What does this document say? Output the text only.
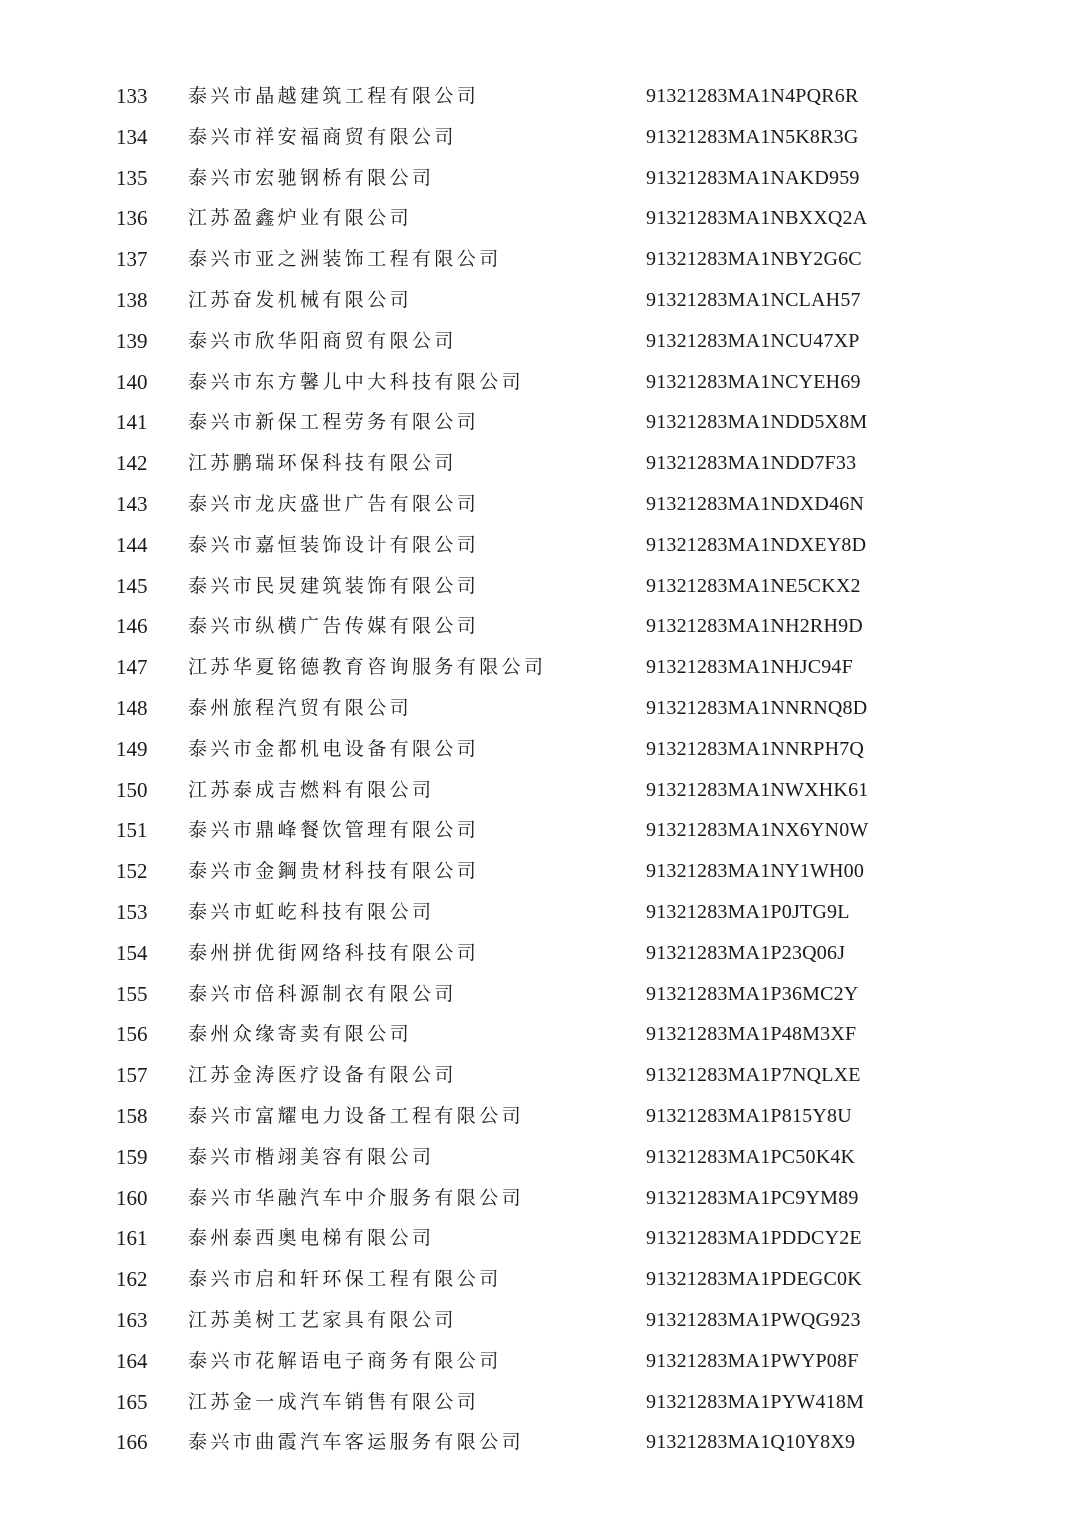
133	泰兴市晶越建筑工程有限公司	91321283MA1N4PQR6R
134	泰兴市祥安福商贸有限公司	91321283MA1N5K8R3G
135	泰兴市宏驰钢桥有限公司	91321283MA1NAKD959
136	江苏盈鑫炉业有限公司	91321283MA1NBXXQ2A
137	泰兴市亚之洲装饰工程有限公司	91321283MA1NBY2G6C
138	江苏奋发机械有限公司	91321283MA1NCLAH57
139	泰兴市欣华阳商贸有限公司	91321283MA1NCU47XP
140	泰兴市东方馨儿中大科技有限公司	91321283MA1NCYEH69
141	泰兴市新保工程劳务有限公司	91321283MA1NDD5X8M
142	江苏鹏瑞环保科技有限公司	91321283MA1NDD7F33
143	泰兴市龙庆盛世广告有限公司	91321283MA1NDXD46N
144	泰兴市嘉恒装饰设计有限公司	91321283MA1NDXEY8D
145	泰兴市民炅建筑装饰有限公司	91321283MA1NE5CKX2
146	泰兴市纵横广告传媒有限公司	91321283MA1NH2RH9D
147	江苏华夏铭德教育咨询服务有限公司	91321283MA1NHJC94F
148	泰州旅程汽贸有限公司	91321283MA1NNRNQ8D
149	泰兴市金都机电设备有限公司	91321283MA1NNRPH7Q
150	江苏泰成吉燃料有限公司	91321283MA1NWXHK61
151	泰兴市鼎峰餐饮管理有限公司	91321283MA1NX6YN0W
152	泰兴市金鋼贵材科技有限公司	91321283MA1NY1WH00
153	泰兴市虹屹科技有限公司	91321283MA1P0JTG9L
154	泰州拼优街网络科技有限公司	91321283MA1P23Q06J
155	泰兴市倍科源制衣有限公司	91321283MA1P36MC2Y
156	泰州众缘寄卖有限公司	91321283MA1P48M3XF
157	江苏金涛医疗设备有限公司	91321283MA1P7NQLXE
158	泰兴市富耀电力设备工程有限公司	91321283MA1P815Y8U
159	泰兴市楷翊美容有限公司	91321283MA1PC50K4K
160	泰兴市华融汽车中介服务有限公司	91321283MA1PC9YM89
161	泰州泰西奥电梯有限公司	91321283MA1PDDCY2E
162	泰兴市启和轩环保工程有限公司	91321283MA1PDEGC0K
163	江苏美树工艺家具有限公司	91321283MA1PWQG923
164	泰兴市花解语电子商务有限公司	91321283MA1PWYP08F
165	江苏金一成汽车销售有限公司	91321283MA1PYW418M
166	泰兴市曲霞汽车客运服务有限公司	91321283MA1Q10Y8X9
